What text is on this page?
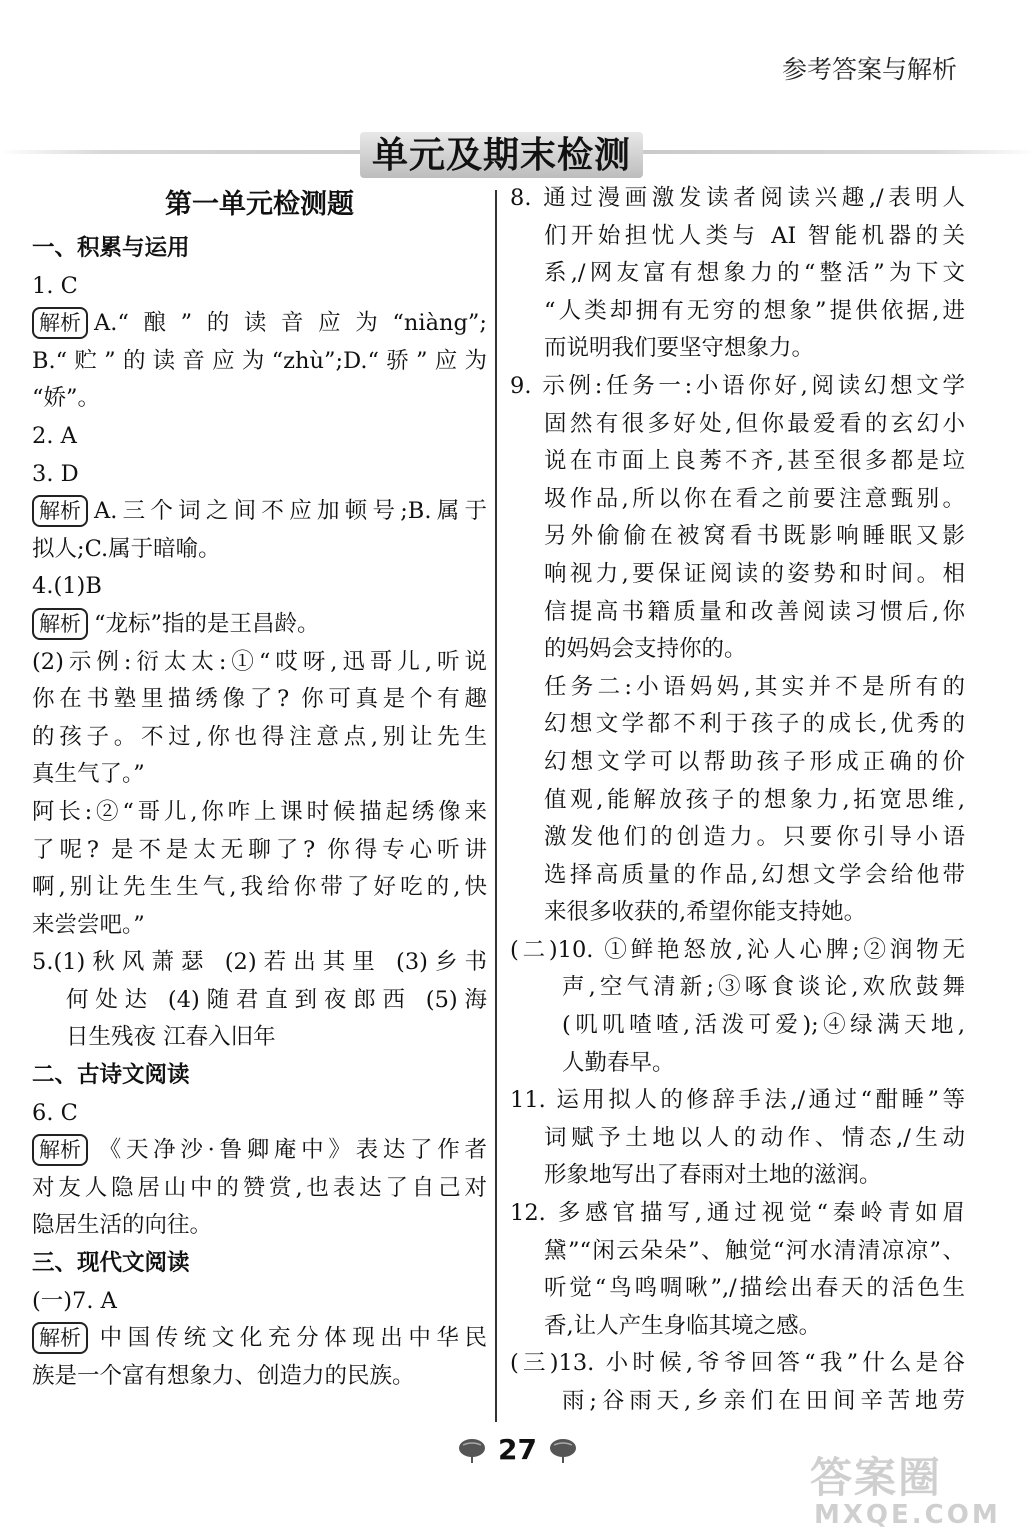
参考答案与解析
单元及期末检测
第一单元检测题
一、积累与运用
1. C
解析 A.“酿”的读音应为“niàng”;
B.“贮”的读音应为“zhù”;D.“骄”应为
“娇”。
2. A
3. D
解析 A.三个词之间不应加顿号;B.属于
拟人;C.属于暗喻。
4.(1)B
解析 “龙标”指的是王昌龄。
(2)示例:衍太太:①“哎呀,迅哥儿,听说
你在书塾里描绣像了? 你可真是个有趣
的孩子。不过,你也得注意点,别让先生
真生气了。”
阿长:②“哥儿,你咋上课时候描起绣像来
了呢? 是不是太无聊了? 你得专心听讲
啊,别让先生生气,我给你带了好吃的,快
来尝尝吧。”
5.(1)秋风萧瑟 (2)若出其里 (3)乡书
何处达 (4)随君直到夜郎西 (5)海
日生残夜 江春入旧年
二、古诗文阅读
6. C
解析 《天净沙·鲁卿庵中》表达了作者
对友人隐居山中的赞赏,也表达了自己对
隐居生活的向往。
三、现代文阅读
(一)7. A
解析 中国传统文化充分体现出中华民
族是一个富有想象力、创造力的民族。
8. 通过漫画激发读者阅读兴趣,/表明人
们开始担忧人类与 AI 智能机器的关
系,/网友富有想象力的“整活”为下文
“人类却拥有无穷的想象”提供依据,进
而说明我们要坚守想象力。
9. 示例:任务一:小语你好,阅读幻想文学
固然有很多好处,但你最爱看的玄幻小
说在市面上良莠不齐,甚至很多都是垃
圾作品,所以你在看之前要注意甄别。
另外偷偷在被窝看书既影响睡眠又影
响视力,要保证阅读的姿势和时间。相
信提高书籍质量和改善阅读习惯后,你
的妈妈会支持你的。
任务二:小语妈妈,其实并不是所有的
幻想文学都不利于孩子的成长,优秀的
幻想文学可以帮助孩子形成正确的价
值观,能解放孩子的想象力,拓宽思维,
激发他们的创造力。只要你引导小语
选择高质量的作品,幻想文学会给他带
来很多收获的,希望你能支持她。
(二)10. ①鲜艳怒放,沁人心脾;②润物无
声,空气清新;③啄食谈论,欢欣鼓舞
(叽叽喳喳,活泼可爱);④绿满天地,
人勤春早。
11. 运用拟人的修辞手法,/通过“酣睡”等
词赋予土地以人的动作、情态,/生动
形象地写出了春雨对土地的滋润。
12. 多感官描写,通过视觉“秦岭青如眉
黛”“闲云朵朵”、触觉“河水清清凉凉”、
听觉“鸟鸣啁啾”,/描绘出春天的活色生
香,让人产生身临其境之感。
(三)13. 小时候,爷爷回答“我”什么是谷
雨;谷雨天,乡亲们在田间辛苦地劳
27
答案圈
MXQE.COM
